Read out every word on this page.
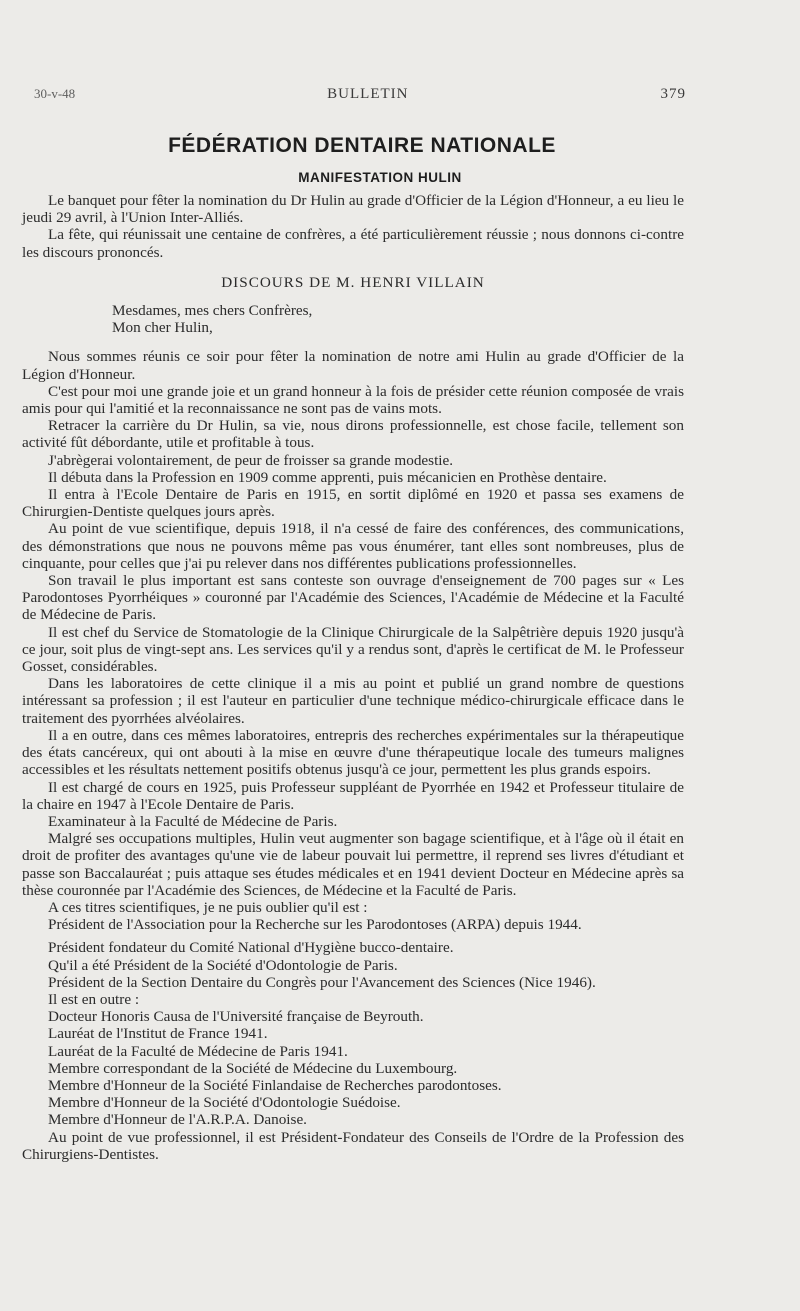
30-v-48	BULLETIN	379
FÉDÉRATION DENTAIRE NATIONALE
MANIFESTATION HULIN

Le banquet pour fêter la nomination du Dr Hulin au grade d'Officier de la Légion d'Honneur, a eu lieu le jeudi 29 avril, à l'Union Inter-Alliés.

La fête, qui réunissait une centaine de confrères, a été particulièrement réussie ; nous donnons ci-contre les discours prononcés.

DISCOURS DE M. HENRI VILLAIN

Mesdames, mes chers Confrères,

Mon cher Hulin,

Nous sommes réunis ce soir pour fêter la nomination de notre ami Hulin au grade d'Officier de la Légion d'Honneur.

C'est pour moi une grande joie et un grand honneur à la fois de présider cette réunion composée de vrais amis pour qui l'amitié et la reconnaissance ne sont pas de vains mots.

Retracer la carrière du Dr Hulin, sa vie, nous dirons professionnelle, est chose facile, tellement son activité fût débordante, utile et profitable à tous.

J'abrègerai volontairement, de peur de froisser sa grande modestie.

Il débuta dans la Profession en 1909 comme apprenti, puis mécanicien en Prothèse dentaire.

Il entra à l'Ecole Dentaire de Paris en 1915, en sortit diplômé en 1920 et passa ses examens de Chirurgien-Dentiste quelques jours après.

Au point de vue scientifique, depuis 1918, il n'a cessé de faire des conférences, des communications, des démonstrations que nous ne pouvons même pas vous énumérer, tant elles sont nombreuses, plus de cinquante, pour celles que j'ai pu relever dans nos différentes publications professionnelles.

Son travail le plus important est sans conteste son ouvrage d'enseignement de 700 pages sur « Les Parodontoses Pyorrhéiques » couronné par l'Académie des Sciences, l'Académie de Médecine et la Faculté de Médecine de Paris.

Il est chef du Service de Stomatologie de la Clinique Chirurgicale de la Salpêtrière depuis 1920 jusqu'à ce jour, soit plus de vingt-sept ans. Les services qu'il y a rendus sont, d'après le certificat de M. le Professeur Gosset, considérables.

Dans les laboratoires de cette clinique il a mis au point et publié un grand nombre de questions intéressant sa profession ; il est l'auteur en particulier d'une technique médico-chirurgicale efficace dans le traitement des pyorrhées alvéolaires.

Il a en outre, dans ces mêmes laboratoires, entrepris des recherches expérimentales sur la thérapeutique des états cancéreux, qui ont abouti à la mise en œuvre d'une thérapeutique locale des tumeurs malignes accessibles et les résultats nettement positifs obtenus jusqu'à ce jour, permettent les plus grands espoirs.

Il est chargé de cours en 1925, puis Professeur suppléant de Pyorrhée en 1942 et Professeur titulaire de la chaire en 1947 à l'Ecole Dentaire de Paris.

Examinateur à la Faculté de Médecine de Paris.

Malgré ses occupations multiples, Hulin veut augmenter son bagage scientifique, et à l'âge où il était en droit de profiter des avantages qu'une vie de labeur pouvait lui permettre, il reprend ses livres d'étudiant et passe son Baccalauréat ; puis attaque ses études médicales et en 1941 devient Docteur en Médecine après sa thèse couronnée par l'Académie des Sciences, de Médecine et la Faculté de Paris.

A ces titres scientifiques, je ne puis oublier qu'il est :

Président de l'Association pour la Recherche sur les Parodontoses (ARPA) depuis 1944.

Président fondateur du Comité National d'Hygiène bucco-dentaire.

Qu'il a été Président de la Société d'Odontologie de Paris.

Président de la Section Dentaire du Congrès pour l'Avancement des Sciences (Nice 1946).

Il est en outre :

Docteur Honoris Causa de l'Université française de Beyrouth.

Lauréat de l'Institut de France 1941.

Lauréat de la Faculté de Médecine de Paris 1941.

Membre correspondant de la Société de Médecine du Luxembourg.

Membre d'Honneur de la Société Finlandaise de Recherches parodontoses.

Membre d'Honneur de la Société d'Odontologie Suédoise.

Membre d'Honneur de l'A.R.P.A. Danoise.

Au point de vue professionnel, il est Président-Fondateur des Conseils de l'Ordre de la Profession des Chirurgiens-Dentistes.
